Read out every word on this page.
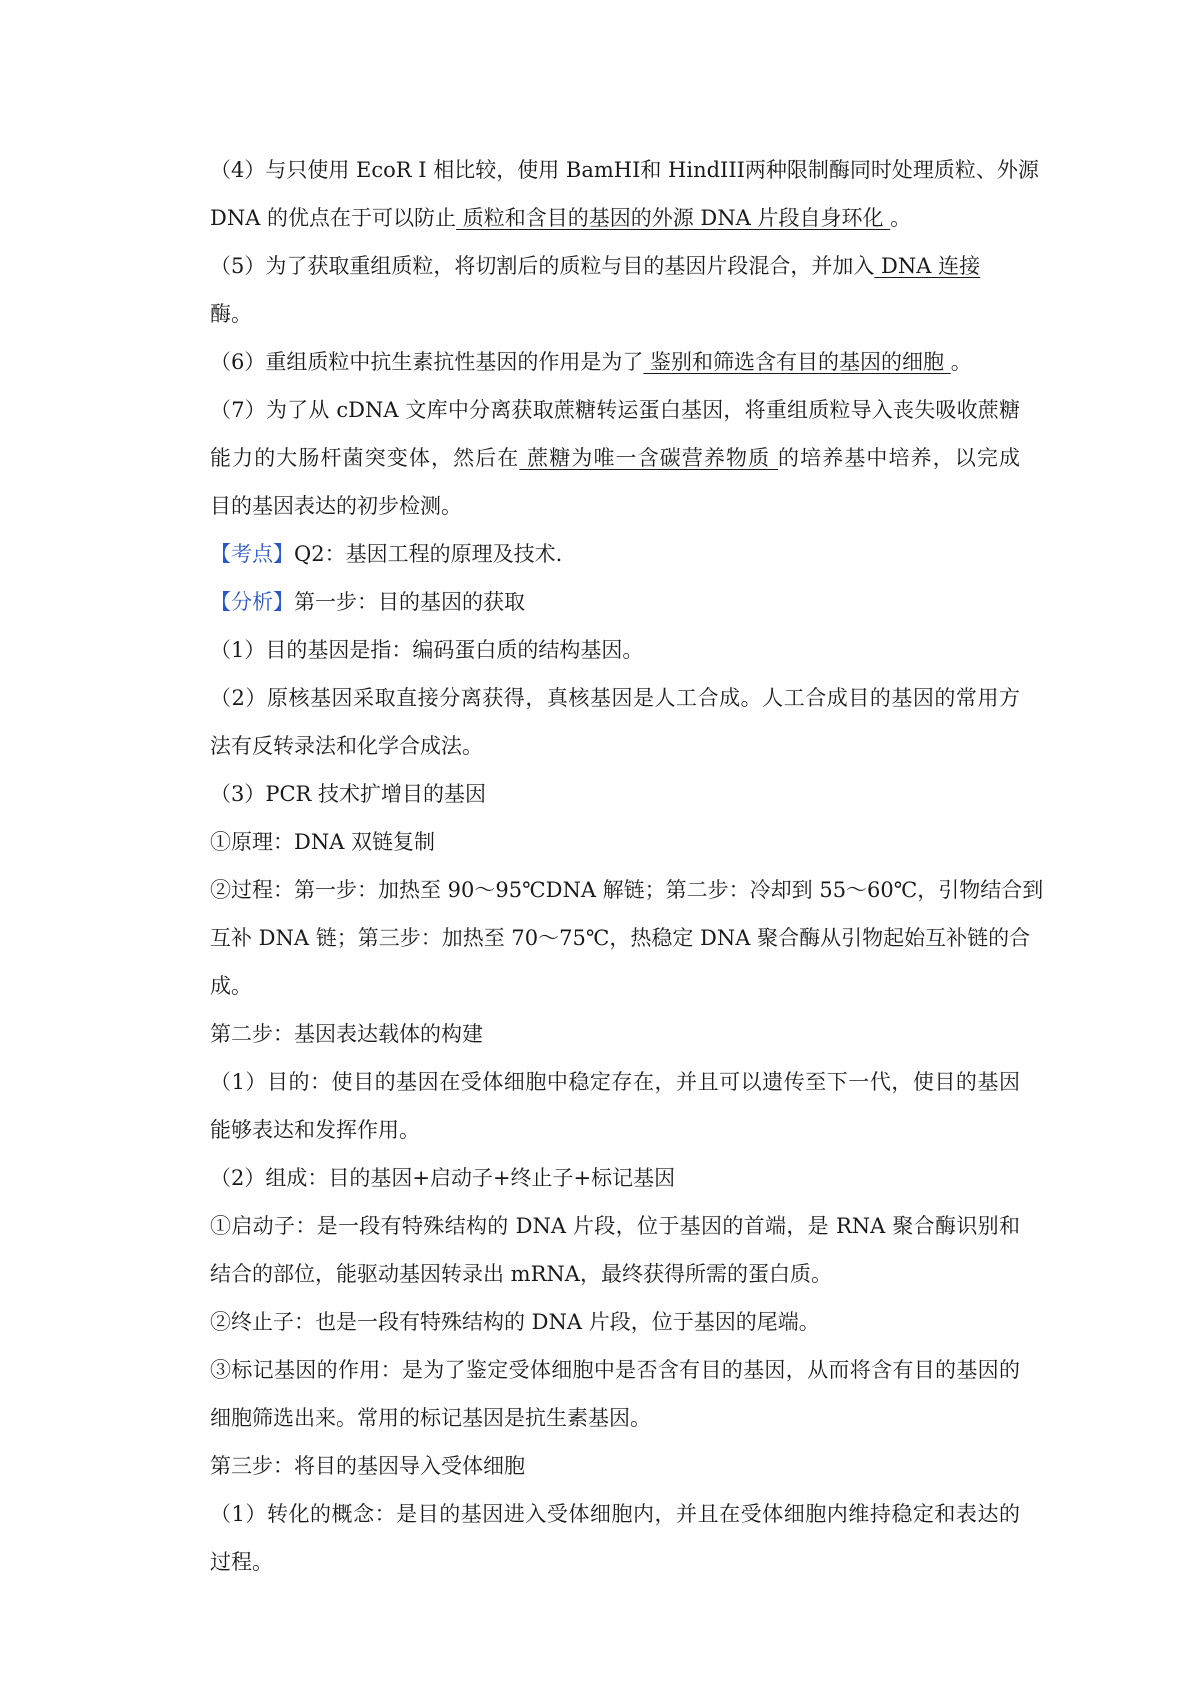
（4）与只使用 EcoR I 相比较，使用 BamHⅠ和 HindIII两种限制酶同时处理质粒、外源
DNA 的优点在于可以防止 质粒和含目的基因的外源 DNA 片段自身环化 。
（5）为了获取重组质粒，将切割后的质粒与目的基因片段混合，并加入 DNA 连接
酶。
（6）重组质粒中抗生素抗性基因的作用是为了 鉴别和筛选含有目的基因的细胞 。
（7）为了从 cDNA 文库中分离获取蔗糖转运蛋白基因，将重组质粒导入丧失吸收蔗糖
能力的大肠杆菌突变体，然后在 蔗糖为唯一含碳营养物质 的培养基中培养，以完成
目的基因表达的初步检测。
【考点】Q2：基因工程的原理及技术.
【分析】第一步：目的基因的获取
（1）目的基因是指：编码蛋白质的结构基因。
（2）原核基因采取直接分离获得，真核基因是人工合成。人工合成目的基因的常用方
法有反转录法和化学合成法。
（3）PCR 技术扩增目的基因
①原理：DNA 双链复制
②过程：第一步：加热至 90～95℃DNA 解链；第二步：冷却到 55～60℃，引物结合到
互补 DNA 链；第三步：加热至 70～75℃，热稳定 DNA 聚合酶从引物起始互补链的合
成。
第二步：基因表达载体的构建
（1）目的：使目的基因在受体细胞中稳定存在，并且可以遗传至下一代，使目的基因
能够表达和发挥作用。
（2）组成：目的基因+启动子+终止子+标记基因
①启动子：是一段有特殊结构的 DNA 片段，位于基因的首端，是 RNA 聚合酶识别和
结合的部位，能驱动基因转录出 mRNA，最终获得所需的蛋白质。
②终止子：也是一段有特殊结构的 DNA 片段，位于基因的尾端。
③标记基因的作用：是为了鉴定受体细胞中是否含有目的基因，从而将含有目的基因的
细胞筛选出来。常用的标记基因是抗生素基因。
第三步：将目的基因导入受体细胞
（1）转化的概念：是目的基因进入受体细胞内，并且在受体细胞内维持稳定和表达的
过程。
